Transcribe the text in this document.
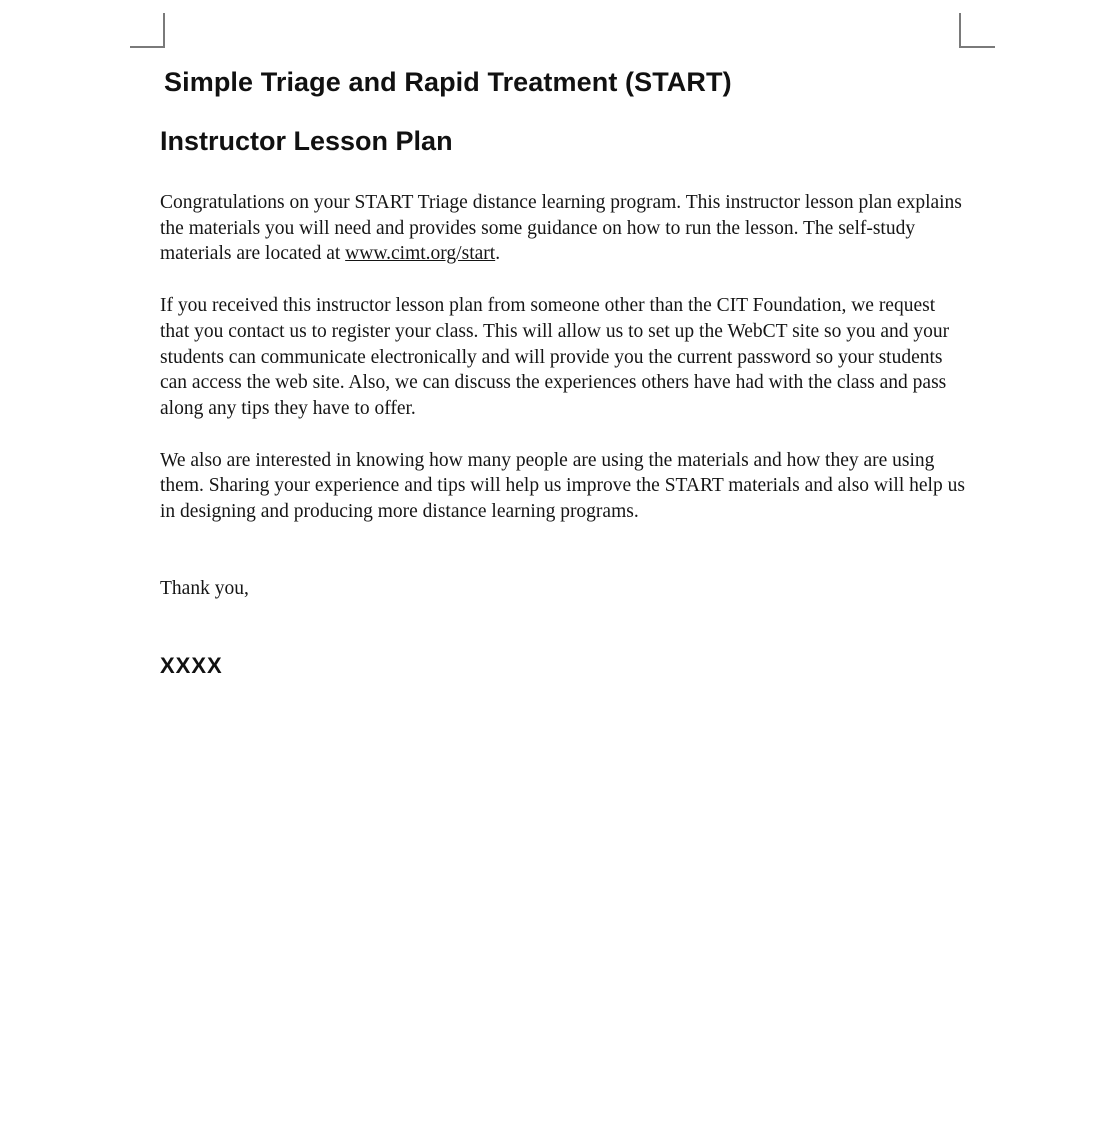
Simple Triage and Rapid Treatment (START)
Instructor Lesson Plan

Congratulations on your START Triage distance learning program. This instructor lesson plan explains the materials you will need and provides some guidance on how to run the lesson. The self-study materials are located at www.cimt.org/start.

If you received this instructor lesson plan from someone other than the CIT Foundation, we request that you contact us to register your class. This will allow us to set up the WebCT site so you and your students can communicate electronically and will provide you the current password so your students can access the web site. Also, we can discuss the experiences others have had with the class and pass along any tips they have to offer.

We also are interested in knowing how many people are using the materials and how they are using them. Sharing your experience and tips will help us improve the START materials and also will help us in designing and producing more distance learning programs.

Thank you,

XXXX
